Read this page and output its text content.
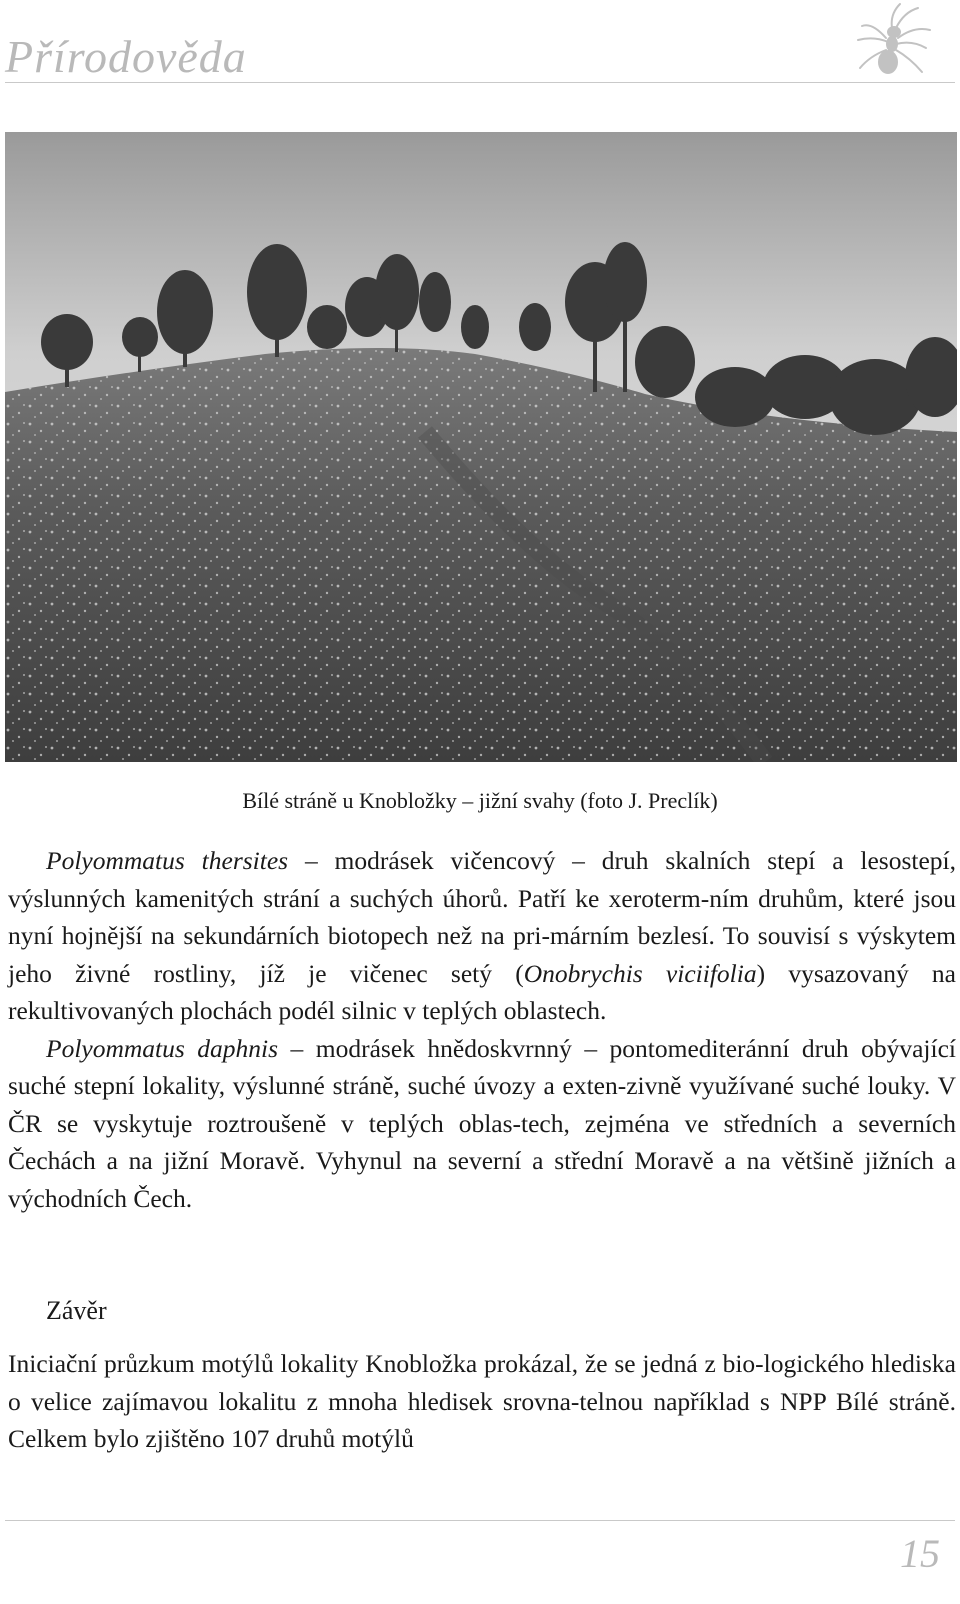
Přírodověda
Bílé stráně u Knobložky – jižní svahy (foto J. Preclík)

Polyommatus thersites – modrásek vičencový – druh skalních stepí a lesostepí, výslunných kamenitých strání a suchých úhorů. Patří ke xeroterm-ním druhům, které jsou nyní hojnější na sekundárních biotopech než na pri-márním bezlesí. To souvisí s výskytem jeho živné rostliny, jíž je vičenec setý (Onobrychis viciifolia) vysazovaný na rekultivovaných plochách podél silnic v teplých oblastech.

Polyommatus daphnis – modrásek hnědoskvrnný – pontomediteránní druh obývající suché stepní lokality, výslunné stráně, suché úvozy a exten-zivně využívané suché louky. V ČR se vyskytuje roztroušeně v teplých oblas-tech, zejména ve středních a severních Čechách a na jižní Moravě. Vyhynul na severní a střední Moravě a na většině jižních a východních Čech.

Závěr

Iniciační průzkum motýlů lokality Knobložka prokázal, že se jedná z bio-logického hlediska o velice zajímavou lokalitu z mnoha hledisek srovna-telnou například s NPP Bílé stráně. Celkem bylo zjištěno 107 druhů motýlů

15
